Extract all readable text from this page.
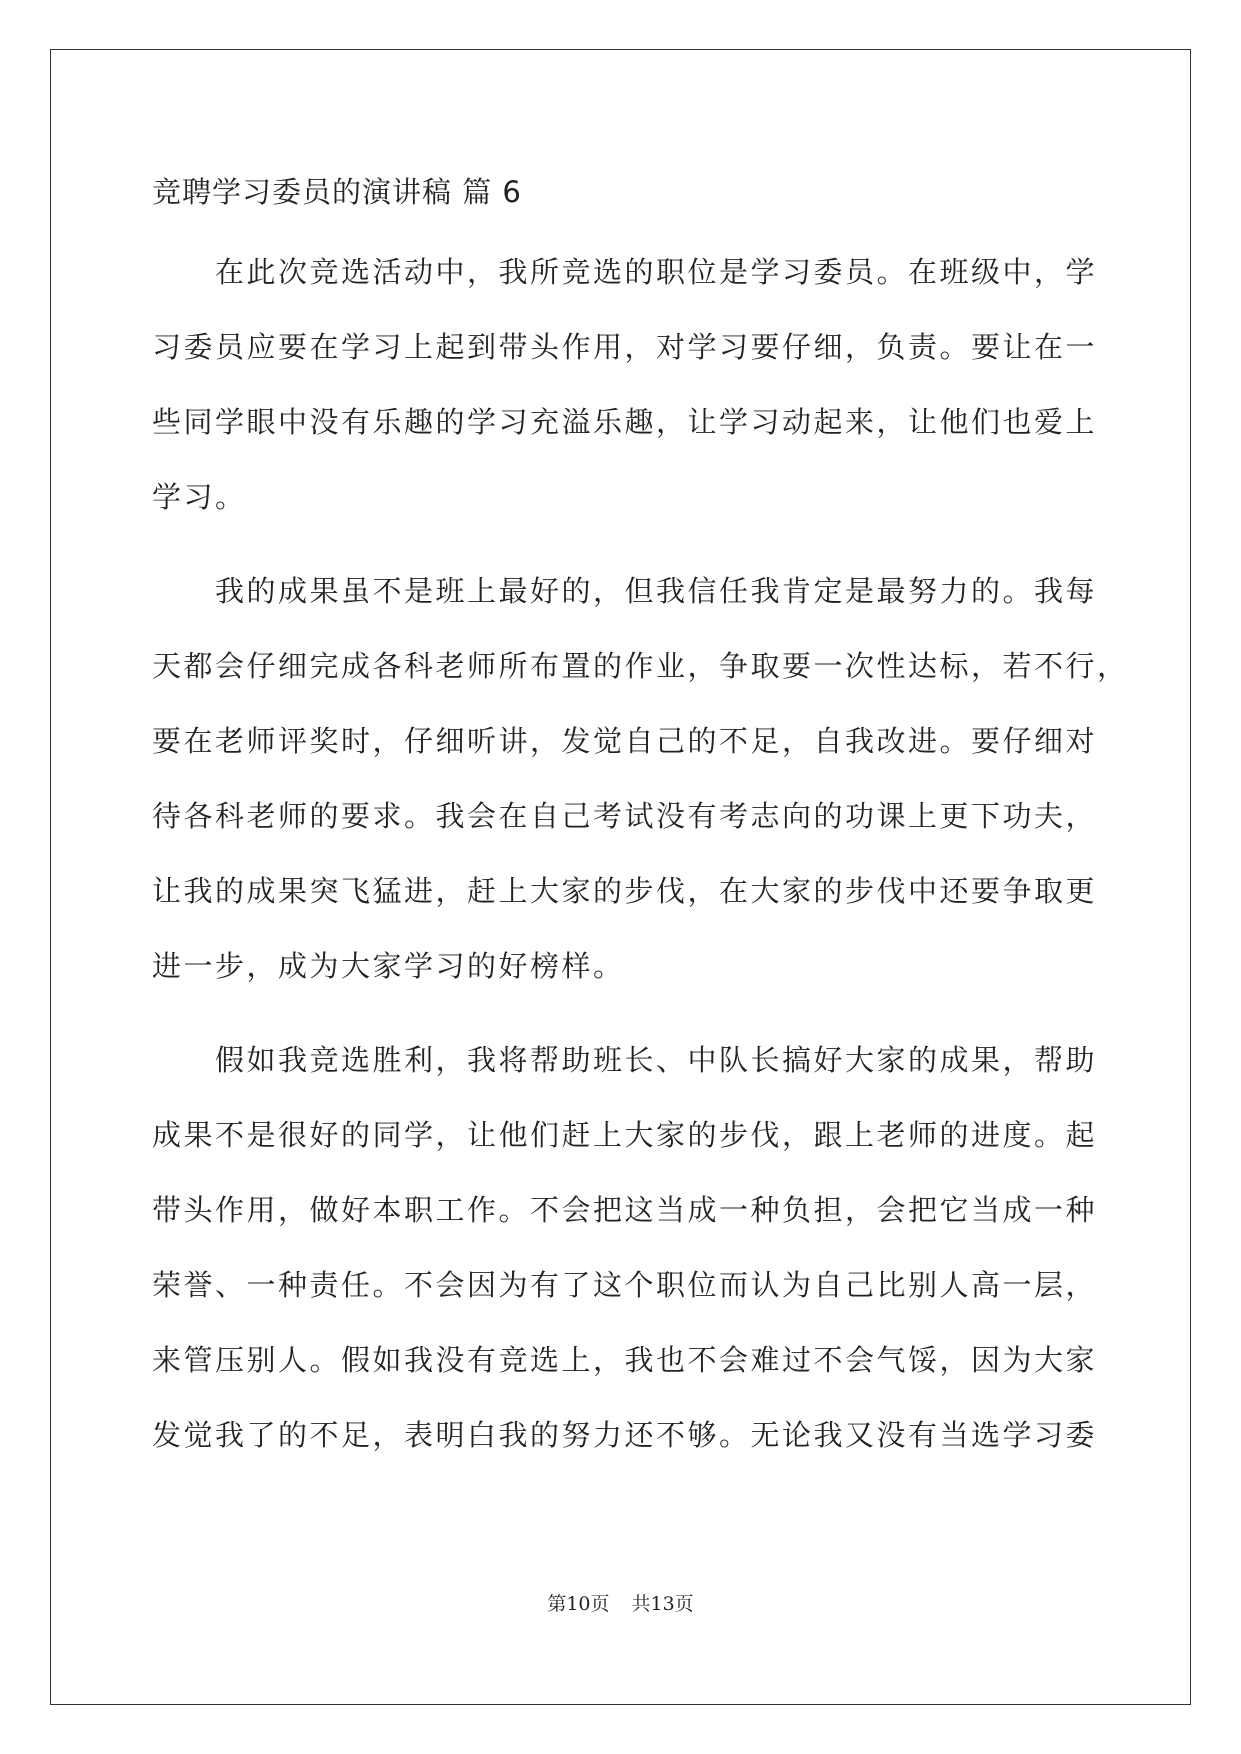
竞聘学习委员的演讲稿 篇 6
在此次竞选活动中，我所竞选的职位是学习委员。在班级中，学
习委员应要在学习上起到带头作用，对学习要仔细，负责。要让在一
些同学眼中没有乐趣的学习充溢乐趣，让学习动起来，让他们也爱上
学习。
我的成果虽不是班上最好的，但我信任我肯定是最努力的。我每
天都会仔细完成各科老师所布置的作业，争取要一次性达标，若不行，
要在老师评奖时，仔细听讲，发觉自己的不足，自我改进。要仔细对
待各科老师的要求。我会在自己考试没有考志向的功课上更下功夫，
让我的成果突飞猛进，赶上大家的步伐，在大家的步伐中还要争取更
进一步，成为大家学习的好榜样。
假如我竞选胜利，我将帮助班长、中队长搞好大家的成果，帮助
成果不是很好的同学，让他们赶上大家的步伐，跟上老师的进度。起
带头作用，做好本职工作。不会把这当成一种负担，会把它当成一种
荣誉、一种责任。不会因为有了这个职位而认为自己比别人高一层，
来管压别人。假如我没有竞选上，我也不会难过不会气馁，因为大家
发觉我了的不足，表明白我的努力还不够。无论我又没有当选学习委
第10页 共13页
